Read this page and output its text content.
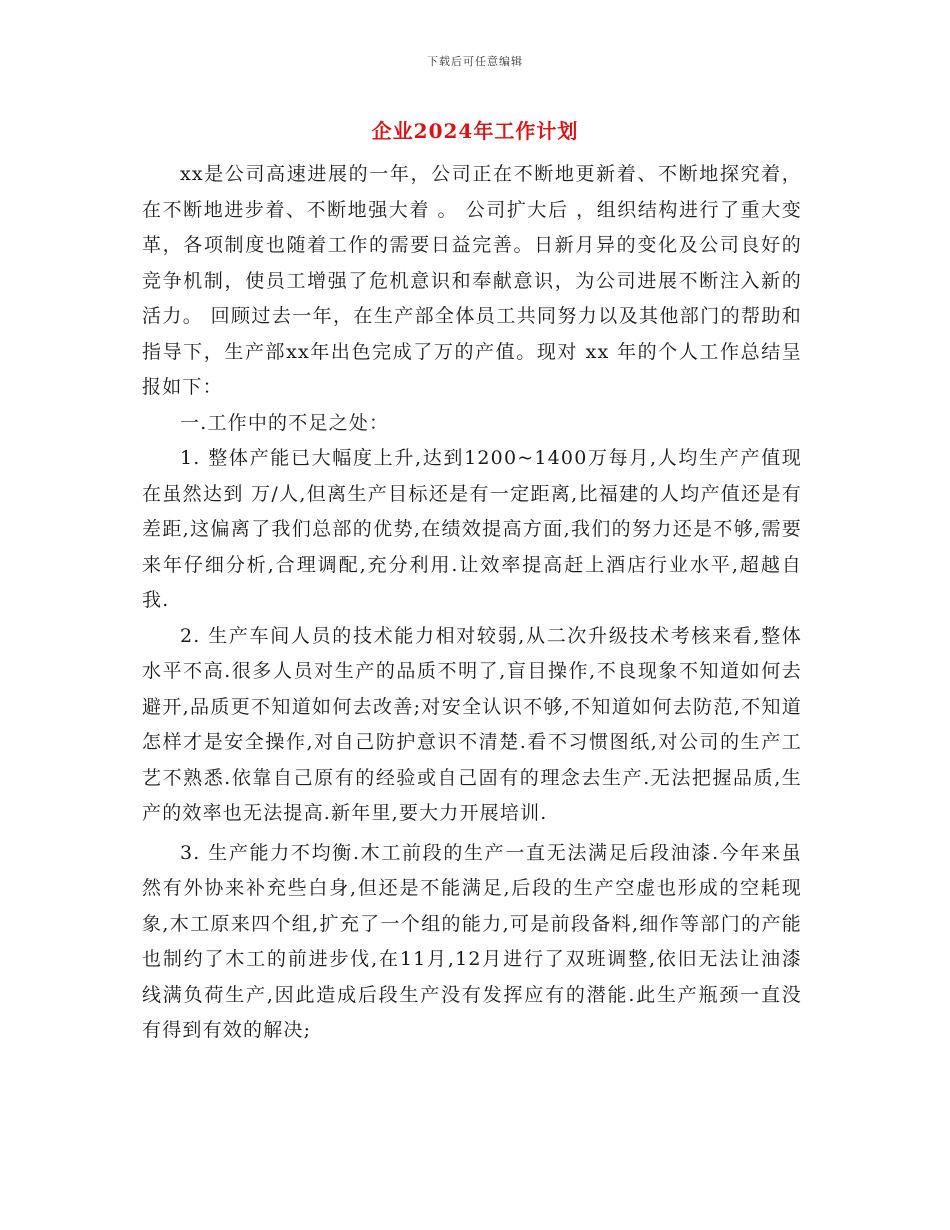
下载后可任意编辑
企业2024年工作计划

xx是公司高速进展的一年，公司正在不断地更新着、不断地探究着，在不断地进步着、不断地强大着 。 公司扩大后 ，组织结构进行了重大变革，各项制度也随着工作的需要日益完善。日新月异的变化及公司良好的竞争机制，使员工增强了危机意识和奉献意识，为公司进展不断注入新的活力。 回顾过去一年，在生产部全体员工共同努力以及其他部门的帮助和指导下，生产部xx年出色完成了万的产值。现对 xx 年的个人工作总结呈报如下：

一.工作中的不足之处：

1. 整体产能已大幅度上升,达到1200~1400万每月,人均生产产值现在虽然达到 万/人,但离生产目标还是有一定距离,比福建的人均产值还是有差距,这偏离了我们总部的优势,在绩效提高方面,我们的努力还是不够,需要来年仔细分析,合理调配,充分利用.让效率提高赶上酒店行业水平,超越自我.

2. 生产车间人员的技术能力相对较弱,从二次升级技术考核来看,整体水平不高.很多人员对生产的品质不明了,盲目操作,不良现象不知道如何去避开,品质更不知道如何去改善;对安全认识不够,不知道如何去防范,不知道怎样才是安全操作,对自己防护意识不清楚.看不习惯图纸,对公司的生产工艺不熟悉.依靠自己原有的经验或自己固有的理念去生产.无法把握品质,生产的效率也无法提高.新年里,要大力开展培训.

3. 生产能力不均衡.木工前段的生产一直无法满足后段油漆.今年来虽然有外协来补充些白身,但还是不能满足,后段的生产空虚也形成的空耗现象,木工原来四个组,扩充了一个组的能力,可是前段备料,细作等部门的产能也制约了木工的前进步伐,在11月,12月进行了双班调整,依旧无法让油漆线满负荷生产,因此造成后段生产没有发挥应有的潜能.此生产瓶颈一直没有得到有效的解决;
